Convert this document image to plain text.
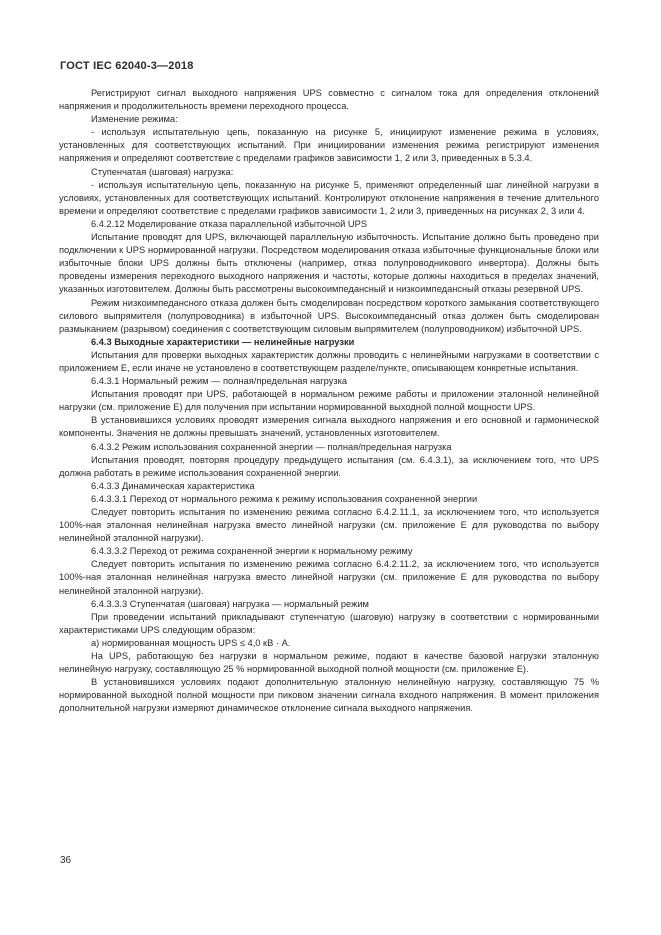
ГОСТ IEC 62040-3—2018

Регистрируют сигнал выходного напряжения UPS совместно с сигналом тока для определения отклонений напряжения и продолжительность времени переходного процесса.

Изменение режима:

- используя испытательную цепь, показанную на рисунке 5, инициируют изменение режима в условиях, установленных для соответствующих испытаний. При инициировании изменения режима регистрируют изменения напряжения и определяют соответствие с пределами графиков зависимости 1, 2 или 3, приведенных в 5.3.4.

Ступенчатая (шаговая) нагрузка:

- используя испытательную цепь, показанную на рисунке 5, применяют определенный шаг линейной нагрузки в условиях, установленных для соответствующих испытаний. Контролируют отклонение напряжения в течение длительного времени и определяют соответствие с пределами графиков зависимости 1, 2 или 3, приведенных на рисунках 2, 3 или 4.

6.4.2.12 Моделирование отказа параллельной избыточной UPS

Испытание проводят для UPS, включающей параллельную избыточность. Испытание должно быть проведено при подключении к UPS нормированной нагрузки. Посредством моделирования отказа избыточные функциональные блоки или избыточные блоки UPS должны быть отключены (например, отказ полупроводникового инвертора). Должны быть проведены измерения переходного выходного напряжения и частоты, которые должны находиться в пределах значений, указанных изготовителем. Должны быть рассмотрены высокоимпедансный и низкоимпедансный отказы резервной UPS.

Режим низкоимпедансного отказа должен быть смоделирован посредством короткого замыкания соответствующего силового выпрямителя (полупроводника) в избыточной UPS. Высокоимпедансный отказ должен быть смоделирован размыканием (разрывом) соединения с соответствующим силовым выпрямителем (полупроводником) избыточной UPS.

6.4.3 Выходные характеристики — нелинейные нагрузки

Испытания для проверки выходных характеристик должны проводить с нелинейными нагрузками в соответствии с приложением Е, если иначе не установлено в соответствующем разделе/пункте, описывающем конкретные испытания.

6.4.3.1 Нормальный режим — полная/предельная нагрузка

Испытания проводят при UPS, работающей в нормальном режиме работы и приложении эталонной нелинейной нагрузки (см. приложение Е) для получения при испытании нормированной выходной полной мощности UPS.

В установившихся условиях проводят измерения сигнала выходного напряжения и его основной и гармонической компоненты. Значения не должны превышать значений, установленных изготовителем.

6.4.3.2 Режим использования сохраненной энергии — полная/предельная нагрузка

Испытания проводят, повторяя процедуру предыдущего испытания (см. 6.4.3.1), за исключением того, что UPS должна работать в режиме использования сохраненной энергии.

6.4.3.3 Динамическая характеристика

6.4.3.3.1 Переход от нормального режима к режиму использования сохраненной энергии

Следует повторить испытания по изменению режима согласно 6.4.2.11.1, за исключением того, что используется 100%-ная эталонная нелинейная нагрузка вместо линейной нагрузки (см. приложение Е для руководства по выбору нелинейной эталонной нагрузки).

6.4.3.3.2 Переход от режима сохраненной энергии к нормальному режиму

Следует повторить испытания по изменению режима согласно 6.4.2.11.2, за исключением того, что используется 100%-ная эталонная нелинейная нагрузка вместо линейной нагрузки (см. приложение Е для руководства по выбору нелинейной эталонной нагрузки).

6.4.3.3.3 Ступенчатая (шаговая) нагрузка — нормальный режим

При проведении испытаний прикладывают ступенчатую (шаговую) нагрузку в соответствии с нормированными характеристиками UPS следующим образом:

а) нормированная мощность UPS ≤ 4,0 кВ · А.

На UPS, работающую без нагрузки в нормальном режиме, подают в качестве базовой нагрузки эталонную нелинейную нагрузку, составляющую 25 % нормированной выходной полной мощности (см. приложение Е).

В установившихся условиях подают дополнительную эталонную нелинейную нагрузку, составляющую 75 % нормированной выходной полной мощности при пиковом значении сигнала входного напряжения. В момент приложения дополнительной нагрузки измеряют динамическое отклонение сигнала выходного напряжения.

36
